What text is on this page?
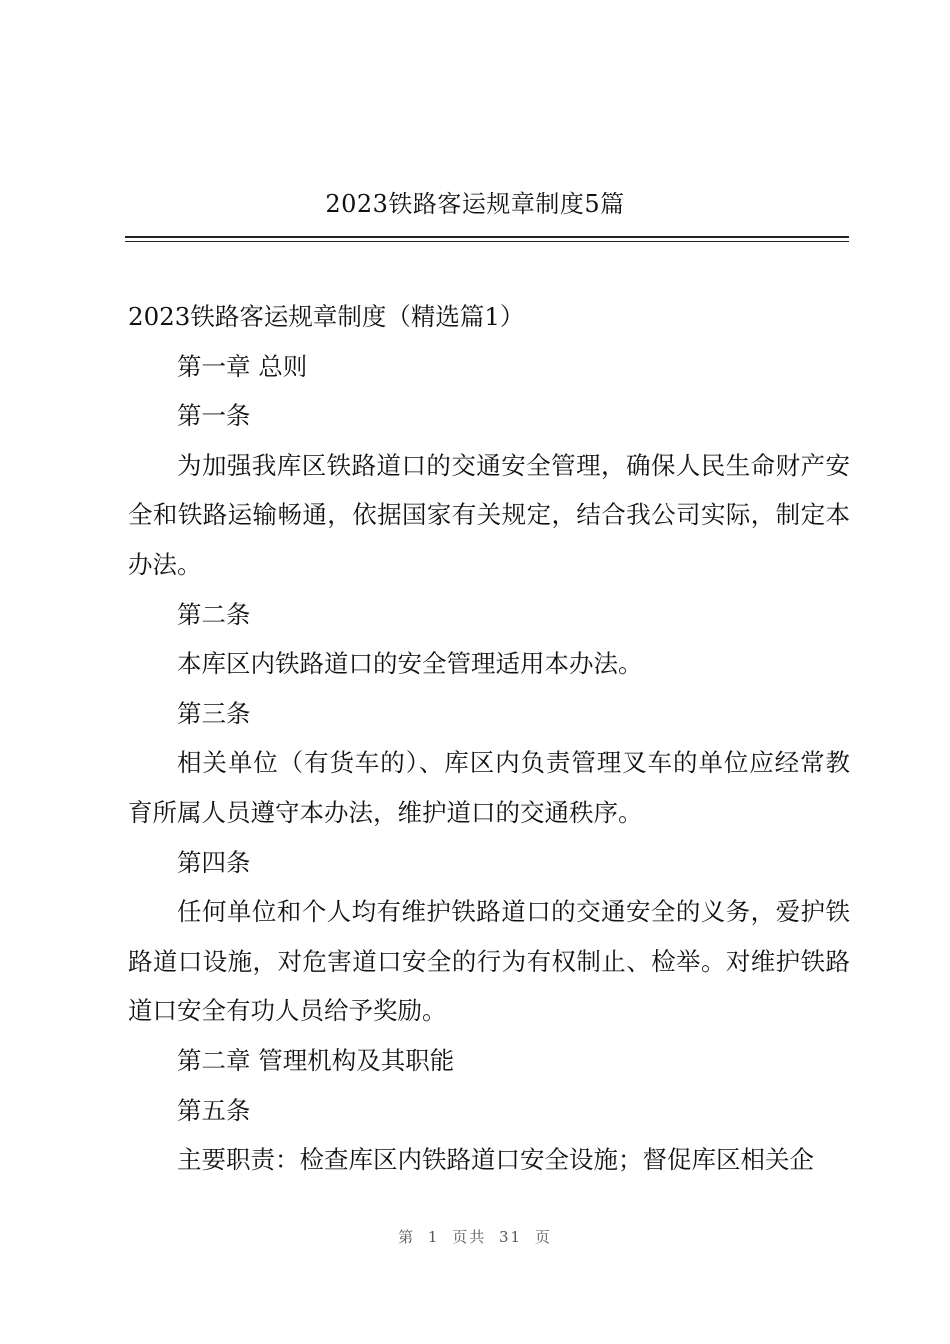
2023铁路客运规章制度5篇

2023铁路客运规章制度（精选篇1）

第一章 总则

第一条

为加强我库区铁路道口的交通安全管理，确保人民生命财产安全和铁路运输畅通，依据国家有关规定，结合我公司实际，制定本办法。

第二条

本库区内铁路道口的安全管理适用本办法。

第三条

相关单位（有货车的）、库区内负责管理叉车的单位应经常教育所属人员遵守本办法，维护道口的交通秩序。

第四条

任何单位和个人均有维护铁路道口的交通安全的义务，爱护铁路道口设施，对危害道口安全的行为有权制止、检举。对维护铁路道口安全有功人员给予奖励。

第二章 管理机构及其职能

第五条

主要职责：检查库区内铁路道口安全设施；督促库区相关企

第 1 页共 31 页
